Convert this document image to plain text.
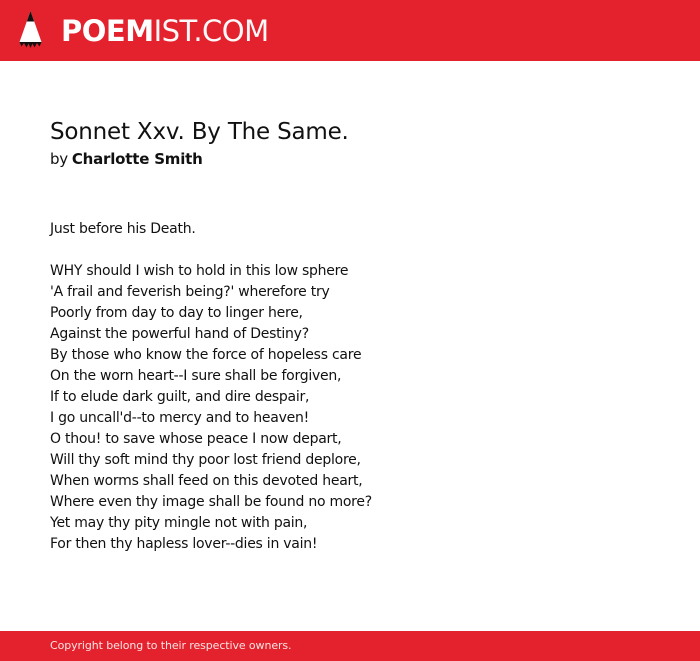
POEMIST.COM
Sonnet Xxv. By The Same.
by Charlotte Smith
Just before his Death.
WHY should I wish to hold in this low sphere
'A frail and feverish being?' wherefore try
Poorly from day to day to linger here,
Against the powerful hand of Destiny?
By those who know the force of hopeless care
On the worn heart--I sure shall be forgiven,
If to elude dark guilt, and dire despair,
I go uncall'd--to mercy and to heaven!
O thou! to save whose peace I now depart,
Will thy soft mind thy poor lost friend deplore,
When worms shall feed on this devoted heart,
Where even thy image shall be found no more?
Yet may thy pity mingle not with pain,
For then thy hapless lover--dies in vain!
Copyright belong to their respective owners.
